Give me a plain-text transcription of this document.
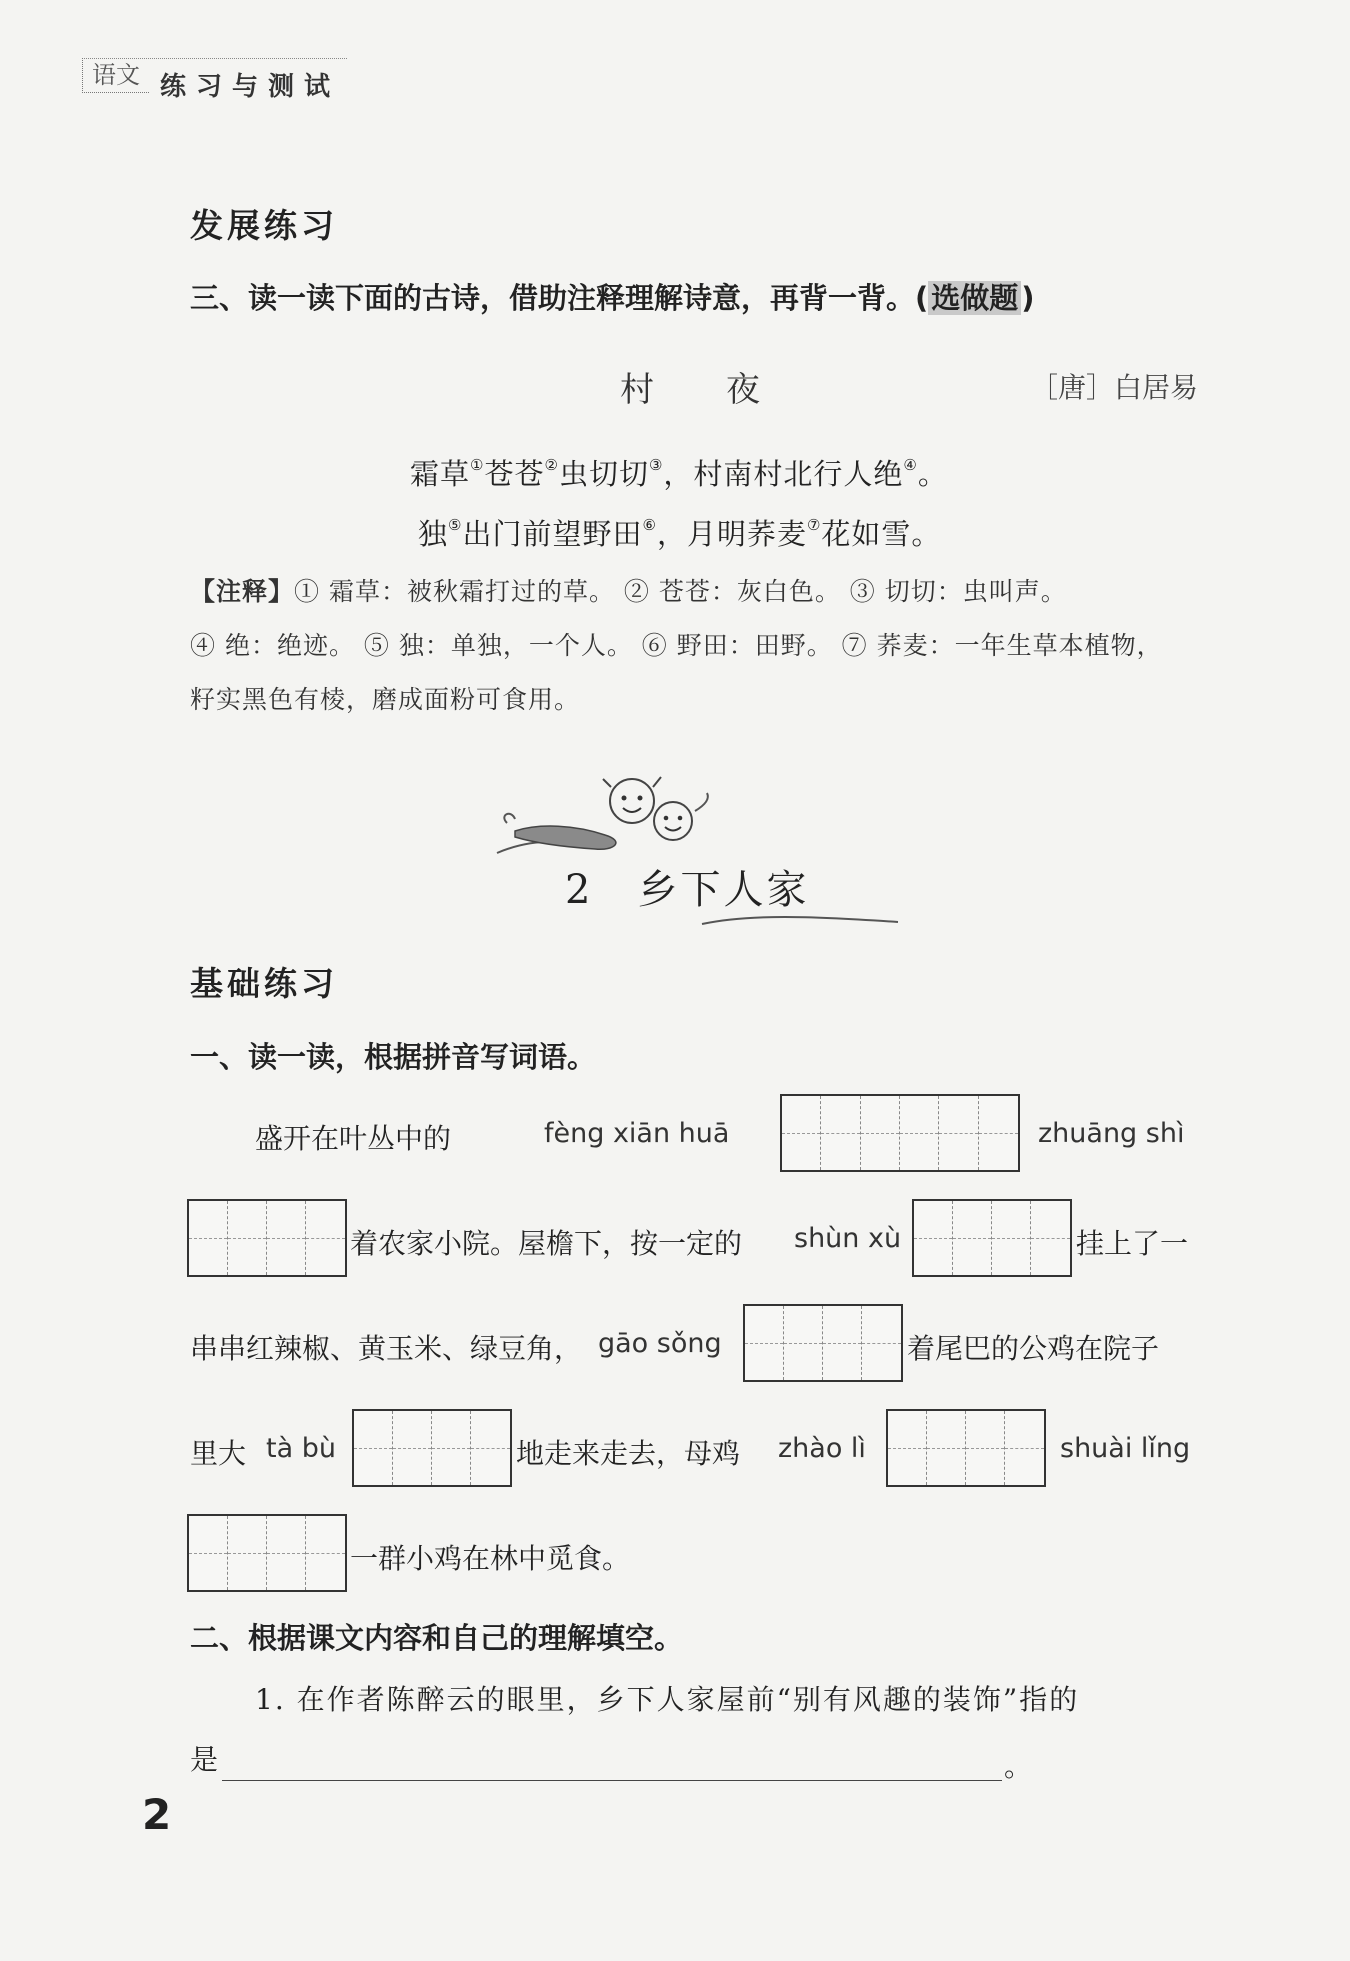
语文 练习与测试
发展练习
三、读一读下面的古诗，借助注释理解诗意，再背一背。( 选做题 )
村夜	［唐］白居易
霜草①苍苍②虫切切③，村南村北行人绝④。
独⑤出门前望野田⑥，月明荞麦⑦花如雪。
【注释】① 霜草：被秋霜打过的草。 ② 苍苍：灰白色。 ③ 切切：虫叫声。
④ 绝：绝迹。 ⑤ 独：单独，一个人。 ⑥ 野田：田野。 ⑦ 荞麦：一年生草本植物，
籽实黑色有棱，磨成面粉可食用。
2 乡下人家
基础练习
一、读一读，根据拼音写词语。
盛开在叶丛中的	fèng xiān huā	zhuāng shì
着农家小院。屋檐下，按一定的 shùn xù	挂上了一
串串红辣椒、黄玉米、绿豆角， gāo sǒng	着尾巴的公鸡在院子
里大 tà bù	地走来走去，母鸡 zhào lì	shuài lǐng
一群小鸡在林中觅食。
二、根据课文内容和自己的理解填空。
1. 在作者陈醉云的眼里，乡下人家屋前“别有风趣的装饰”指的
是	。
2
